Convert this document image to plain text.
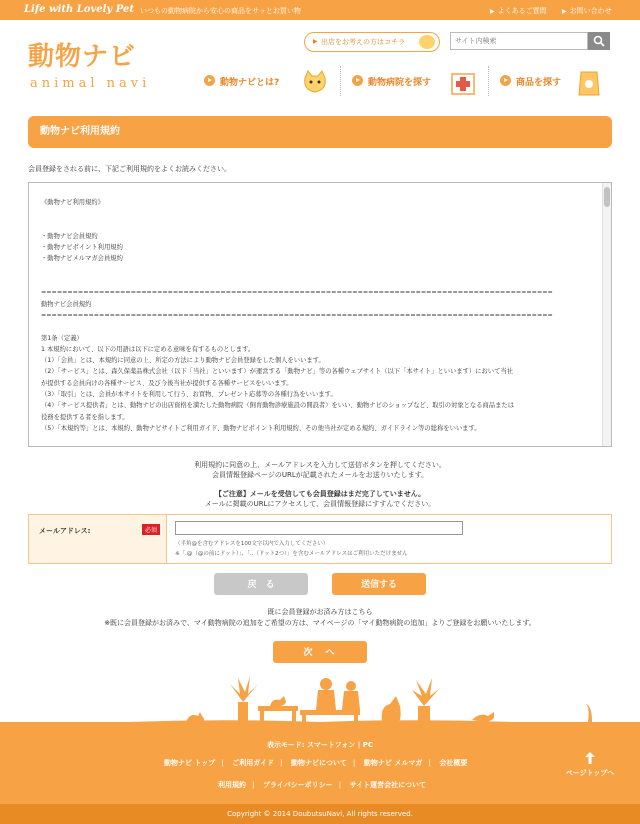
Life with Lovely Pet いつもの動物病院から安心の商品をサッとお買い物	▶ よくあるご質問	▶ お問い合わせ
動物ナビ
animal navi
▶ 出店をお考えの方はコチラ
サイト内検索
動物ナビとは?	動物病院を探す	商品を探す
動物ナビ利用規約
会員登録をされる前に、下記ご利用規約をよくお読みください。

《動物ナビ利用規約》

・動物ナビ会員規約

・動物ナビポイント利用規約

・動物ナビメルマガ会員規約

=================================================================================================

動物ナビ会員規約

=================================================================================================

第1条（定義）

1 本規約において、以下の用語は以下に定める意味を有するものとします。

（1）「会員」とは、本規約に同意の上、所定の方法により動物ナビ会員登録をした個人をいいます。

（2）「サービス」とは、森久保薬品株式会社（以下「当社」といいます）が運営する「動物ナビ」等の各種ウェブサイト（以下「本サイト」といいます）において当社

が提供する会員向けの各種サービス、及び今後当社が提供する各種サービスをいいます。

（3）「取引」とは、会員が本サイトを利用して行う、お買物、プレゼント応募等の各種行為をいいます。

（4）「サービス提供者」とは、動物ナビの出店資格を満たした動物病院（飼育動物診療施設の開設者）をいい、動物ナビのショップなど、取引の対象となる商品または

役務を提供する者を指します。

（5）「本規約等」とは、本規約、動物ナビサイトご利用ガイド、動物ナビポイント利用規約、その他当社が定める規約、ガイドライン等の総称をいいます。

利用規約に同意の上、メールアドレスを入力して送信ボタンを押してください。
会員情報登録ページのURLが記載されたメールをお送りいたします。
【ご注意】メールを受信しても会員登録はまだ完了していません。
メールに掲載のURLにアクセスして、会員情報登録にすすんでください。
メールアドレス:	必須
（半角@を含むアドレスを100文字以内で入力してください）
※「.@（@の前にドット）」、「..（ドット2つ）」を含むメールアドレスはご利用いただけません
戻　る	送信する
既に会員登録がお済み方はこちら
※既に会員登録がお済みで、マイ動物病院の追加をご希望の方は、マイページの「マイ動物病院の追加」よりご登録をお願いいたします。
次　へ
表示モード: スマートフォン | PC
動物ナビ トップ | ご利用ガイド | 動物ナビについて | 動物ナビ メルマガ | 会社概要
利用規約 | プライバシーポリシー | サイト運営会社について
ページトップへ
Copyright © 2014 DoubutsuNavi, All rights reserved.
